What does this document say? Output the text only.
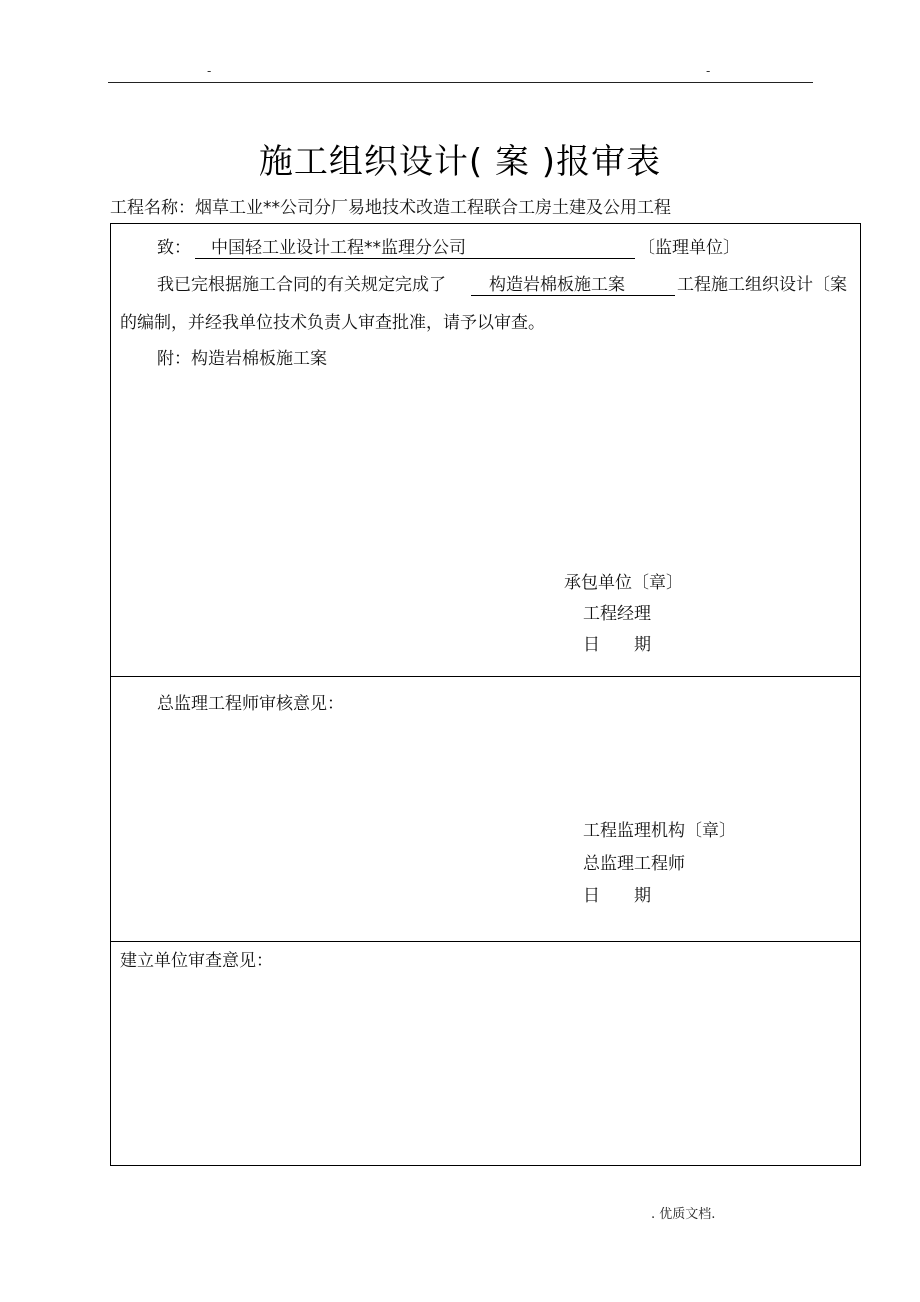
-	-
施工组织设计( 案 )报审表
工程名称：烟草工业**公司分厂易地技术改造工程联合工房土建及公用工程
致： 中国轻工业设计工程**监理分公司	〔监理单位〕
我已完根据施工合同的有关规定完成了	构造岩棉板施工案	工程施工组织设计〔案
的编制，并经我单位技术负责人审查批准，请予以审查。
附：构造岩棉板施工案
承包单位〔章〕
工程经理
日　　期
总监理工程师审核意见：
工程监理机构〔章〕
总监理工程师
日　　期
建立单位审查意见：
. 优质文档.
